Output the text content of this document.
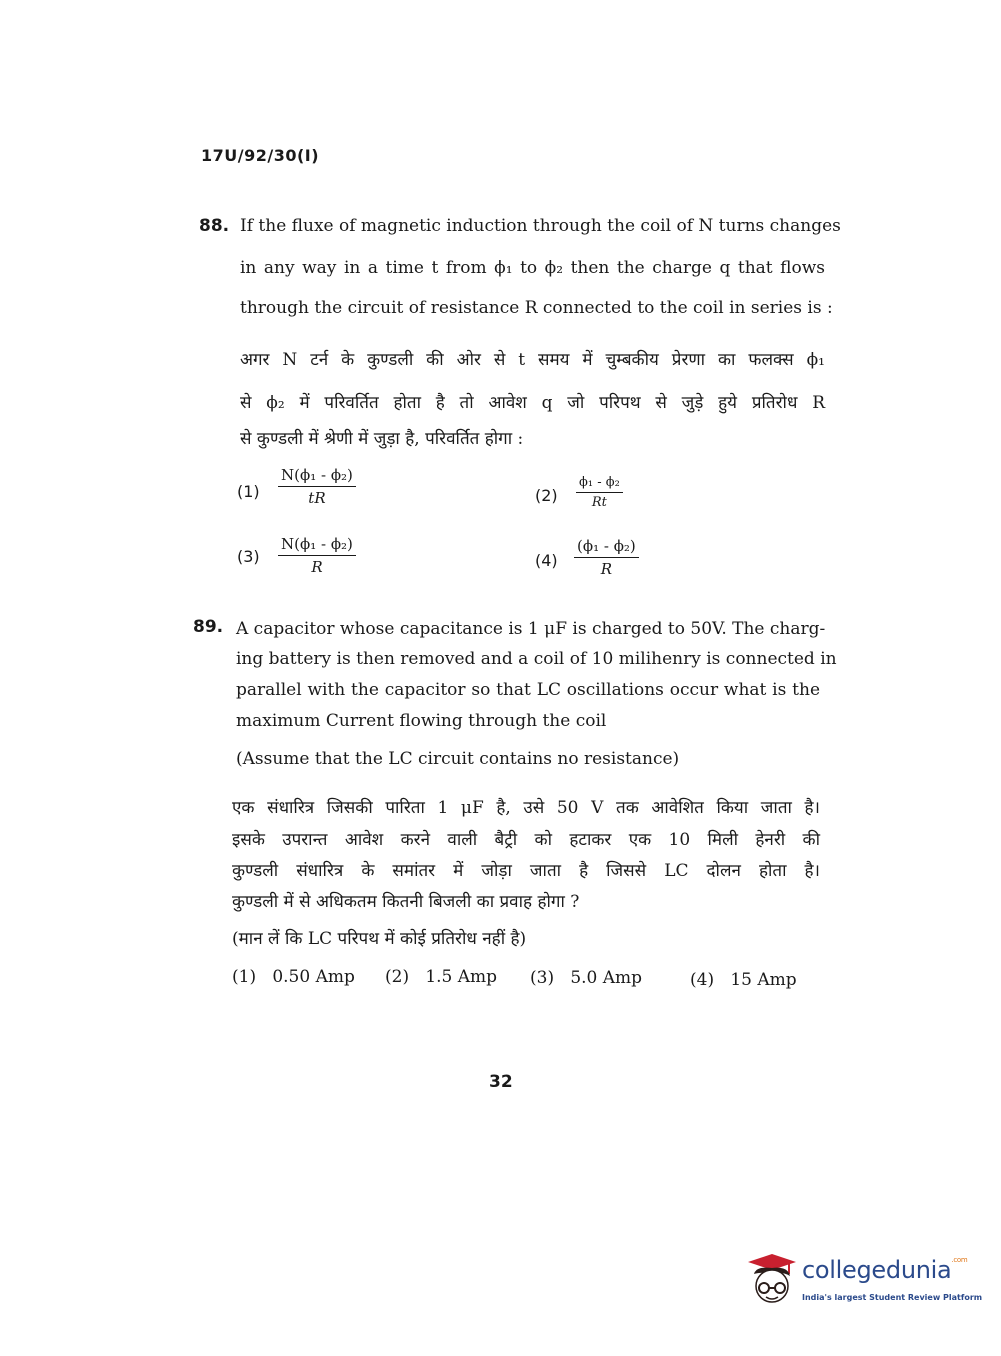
17U/92/30(I)
88. If the fluxe of magnetic induction through the coil of N turns changes
in any way in a time t from ϕ₁ to ϕ₂ then the charge q that flows
through the circuit of resistance R connected to the coil in series is :
अगर N टर्न के कुण्डली की ओर से t समय में चुम्बकीय प्रेरणा का फलक्स ϕ₁
से ϕ₂ में परिवर्तित होता है तो आवेश q जो परिपथ से जुड़े हुये प्रतिरोध R
से कुण्डली में श्रेणी में जुड़ा है, परिवर्तित होगा :
$(1) \frac{\text{N(ϕ₁ - ϕ₂)}}{tR}$	$(2) \frac{\text{ϕ₁ - ϕ₂}}{Rt}$
$(3) \frac{\text{N(ϕ₁ - ϕ₂)}}{R}$	$(4) \frac{\text{(ϕ₁ - ϕ₂)}}{R}$
89. A capacitor whose capacitance is 1 μF is charged to 50V. The charg-
ing battery is then removed and a coil of 10 milihenry is connected in
parallel with the capacitor so that LC oscillations occur what is the
maximum Current flowing through the coil
(Assume that the LC circuit contains no resistance)
एक संधारित्र जिसकी पारिता 1 μF है, उसे 50 V तक आवेशित किया जाता है।
इसके उपरान्त आवेश करने वाली बैट्री को हटाकर एक 10 मिली हेनरी की
कुण्डली संधारित्र के समांतर में जोड़ा जाता है जिससे LC दोलन होता है।
कुण्डली में से अधिकतम कितनी बिजली का प्रवाह होगा ?
(मान लें कि LC परिपथ में कोई प्रतिरोध नहीं है)
(1) 0.50 Amp (2) 1.5 Amp (3) 5.0 Amp	(4) 15 Amp
32
collegedunia$^{.com}$
India's largest Student Review Platform
